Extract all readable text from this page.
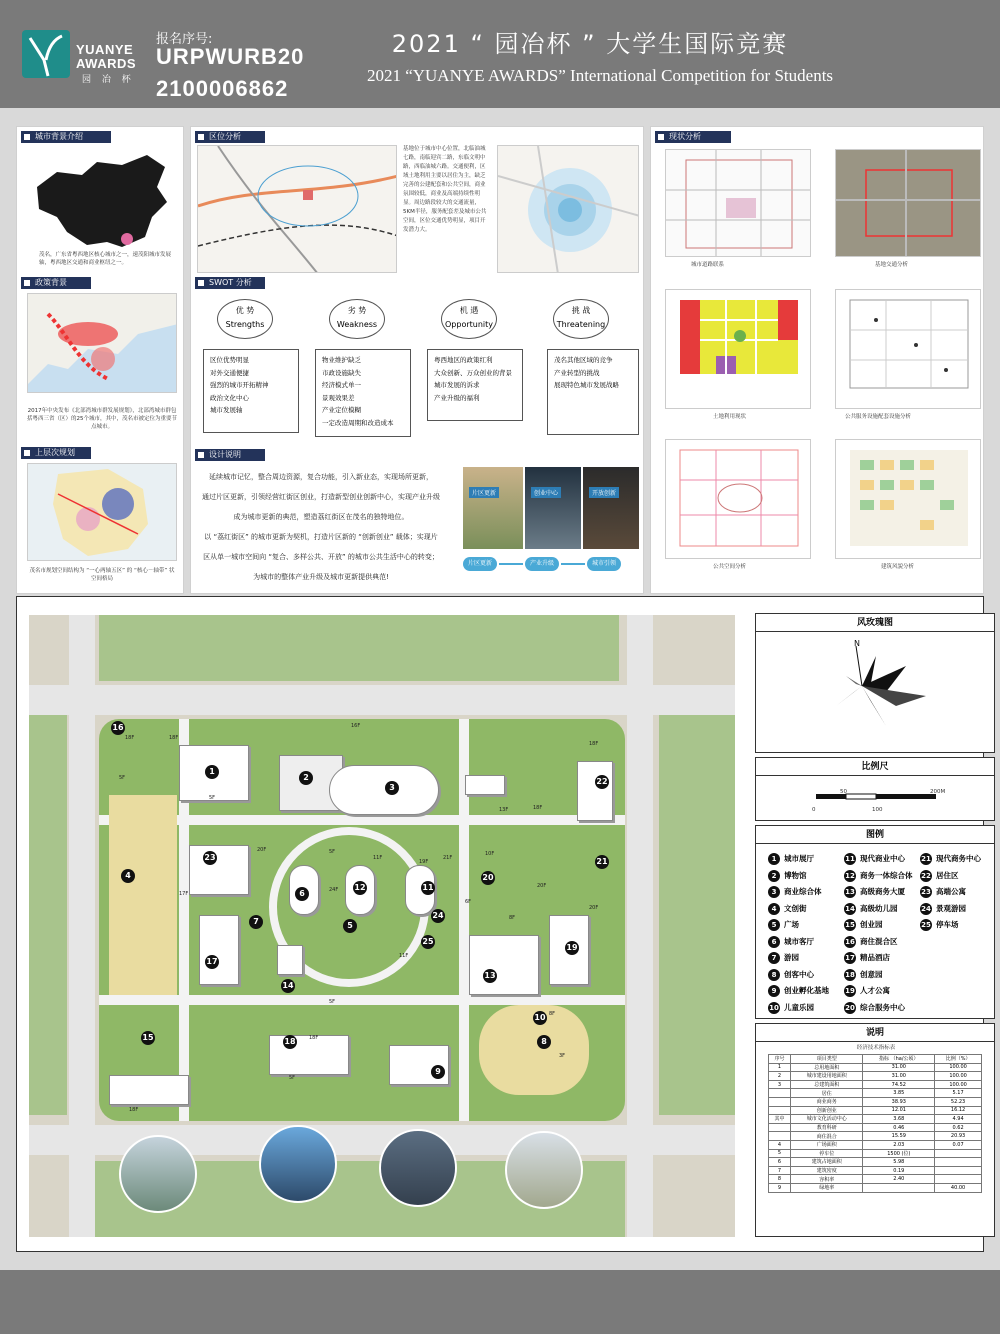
YUANYE
AWARDS
园 冶 杯
报名序号:
URPWURB20
2100006862
2021 “ 园冶杯 ” 大学生国际竞赛
2021 “YUANYE AWARDS” International Competition for Students
城市背景介绍
茂名，广东省粤西地区核心城市之一，速茂阳城市发展轴，粤西地区交通和商业枢纽之一。
政策背景
2017年中央发布《北部湾城市群发展规划》，北部湾城市群包括粤西三省（区）的25个城市，其中，茂名市被定位为重要节点城市。
上层次规划
茂名市规划空间结构为 “一心两轴五区” 的 “核心－轴带” 状空间格局
区位分析
基地位于城市中心位置，北临油城七路，南临迎宾二路，东临文明中路，西临油城六路。交通便利，区域土地利用主要以居住为主，缺乏完善的公建配套和公共空间，商业氛围较低，商业及高端持续性明显。周边路段较大的交通流量，5KM半径，服务配套差及城市公共空间，区位交通优势明显，项目开发潜力大。
SWOT 分析
优 势
Strengths
区位优势明显
对外交通便捷
强烈的城市开拓精神
政治文化中心
城市发展轴
劣 势
Weakness
物业维护缺乏
市政设施缺失
经济模式单一
景观效果差
产业定位模糊
一定改造周期和改造成本
机 遇
Opportunity
粤西地区的政策红利
大众创新、万众创业的背景
城市发展的诉求
产业升级的福利
挑 战
Threatening
茂名其他区域的竞争
产业转型的挑战
展现特色城市发展战略
设计说明
延续城市记忆，整合周边资源，复合功能，引入新业态，实现场所更新，
通过片区更新，引领经营红街区创业，打造新型创业创新中心，实现产业升级
成为城市更新的典范，塑造荔红街区在茂名的独特地位。
以 “荔红街区” 的城市更新为契机，打造片区新的 “创新创业” 载体；实现片
区从单一城市空间向 “复合、多样公共、开放” 的城市公共生活中心的转变；
为城市的整体产业升级及城市更新提供典范!
片区更新	创业中心	开放创新
片区更新	产业升级	城市引领
现状分析
城市道路联系	基地交通分析
土地利用现状	公共服务设施配套设施分析
公共空间分析	建筑风貌分析
1
2
3
4
5
6
7
8
9
10
11
12
13
14
15
16
17
18
19
20
21
22
23
24
25
18F	18F
5F
16F
18F
20F
5F
5F
11F
19F
10F
8F
18F
21F
24F
17F
20F
18F
5F
13F
8F
6F
5F
20F
18F
3F
11F
风玫瑰图
N
比例尺
0
50
100
200M
图例
1 城市展厅
2 博物馆
3 商业综合体
4 文创街
5 广场
6 城市客厅
7 游园
8 创客中心
9 创业孵化基地
10 儿童乐园
11 现代商业中心
12 商务一体综合体
13 高级商务大厦
14 高级幼儿园
15 创业园
16 商住混合区
17 精品酒店
18 创意园
19 人才公寓
20 综合服务中心
21 现代商务中心
22 居住区
23 高端公寓
24 景观游园
25 停车场
说明
经济技术指标表
序号	项目类型	指标 （ha/公顷）	比例（%）
1	总用地面积	31.00	100.00
2	城市建设用地面积	31.00	100.00
3	总建筑面积	74.52	100.00
	居住	3.85	5.17
	商业商务	38.93	52.23
	创新创业	12.01	16.12
其中	城市文化活动中心	3.68	4.94
	教育科研	0.46	0.62
	商住混合	15.59	20.93
4	广场面积	2.03	0.07
5	停车位	1500 (位)	
6	建筑占地面积	5.98	
7	建筑密度	0.19	
8	容积率	2.40	
9	绿地率		40.00
